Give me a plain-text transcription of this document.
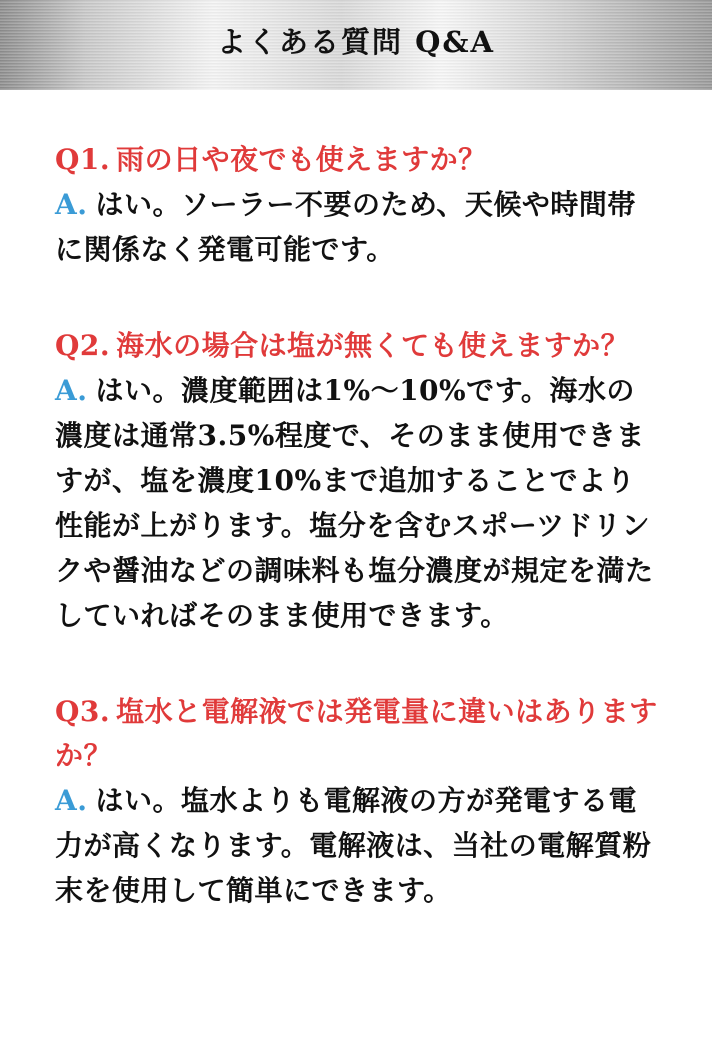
よくある質問 Q&A

Q1. 雨の日や夜でも使えますか？

A. はい。ソーラー不要のため、天候や時間帯に関係なく発電可能です。

Q2. 海水の場合は塩が無くても使えますか？

A. はい。濃度範囲は1%〜10%です。海水の濃度は通常3.5%程度で、そのまま使用できますが、塩を濃度10%まで追加することでより性能が上がります。塩分を含むスポーツドリンクや醤油などの調味料も塩分濃度が規定を満たしていればそのまま使用できます。

Q3. 塩水と電解液では発電量に違いはありますか？

A. はい。塩水よりも電解液の方が発電する電力が高くなります。電解液は、当社の電解質粉末を使用して簡単にできます。
